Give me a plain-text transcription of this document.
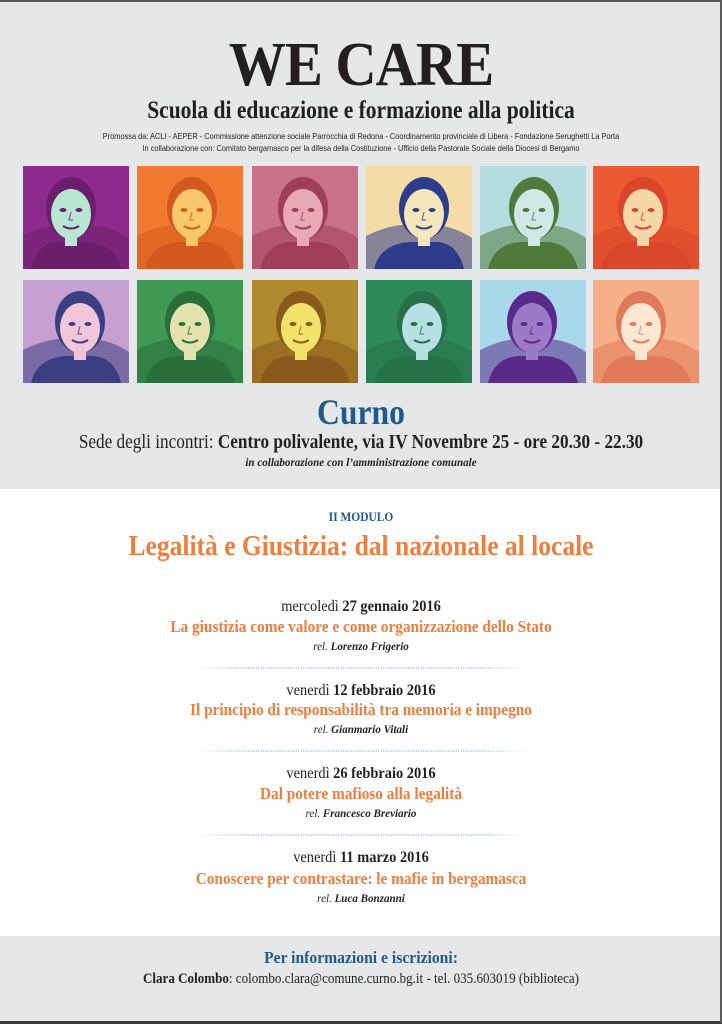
WE CARE
Scuola di educazione e formazione alla politica
Promossa da: ACLI - AEPER - Commissione attenzione sociale Parrocchia di Redona - Coordinamento provinciale di Libera - Fondazione Serughetti La Porta
In collaborazione con: Comitato bergamasco per la difesa della Costituzione - Ufficio della Pastorale Sociale della Diocesi di Bergamo
Curno
Sede degli incontri: Centro polivalente, via IV Novembre 25 - ore 20.30 - 22.30
in collaborazione con l’amministrazione comunale
II MODULO
Legalità e Giustizia: dal nazionale al locale
mercoledì 27 gennaio 2016
La giustizia come valore e come organizzazione dello Stato
rel. Lorenzo Frigerio
venerdì 12 febbraio 2016
Il principio di responsabilità tra memoria e impegno
rel. Gianmario Vitali
venerdì 26 febbraio 2016
Dal potere mafioso alla legalità
rel. Francesco Breviario
venerdì 11 marzo 2016
Conoscere per contrastare: le mafie in bergamasca
rel. Luca Bonzanni
Per informazioni e iscrizioni:
Clara Colombo: colombo.clara@comune.curno.bg.it - tel. 035.603019 (biblioteca)
